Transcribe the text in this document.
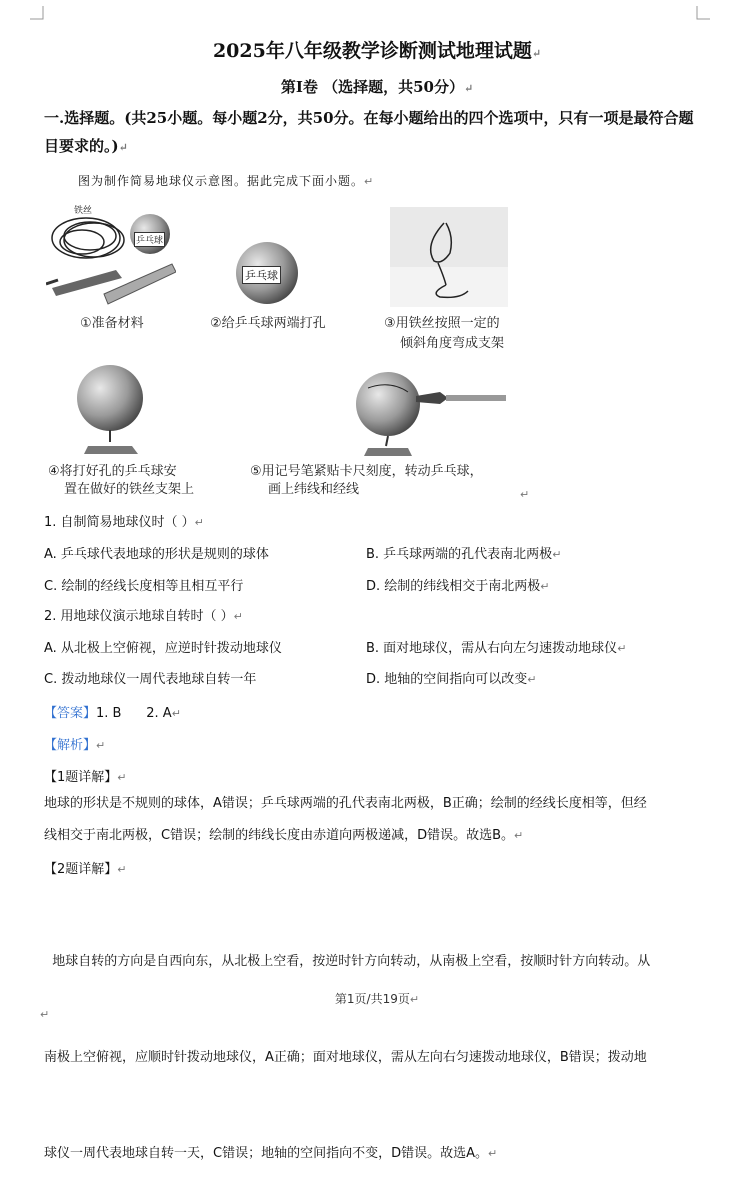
2025年八年级教学诊断测试地理试题↵
第Ⅰ卷 （选择题，共50分）↵
一.选择题。(共25小题。每小题2分，共50分。在每小题给出的四个选项中，只有一项是最符合题目要求的。)↵
图为制作简易地球仪示意图。据此完成下面小题。↵
铁丝
乒乓球
乒乓球
①准备材料	②给乒乓球两端打孔	③用铁丝按照一定的
倾斜角度弯成支架
④将打好孔的乒乓球安
置在做好的铁丝支架上
⑤用记号笔紧贴卡尺刻度，转动乒乓球，
画上纬线和经线	↵
1. 自制简易地球仪时（ ）↵
A. 乒乓球代表地球的形状是规则的球体	B. 乒乓球两端的孔代表南北两极↵
C. 绘制的经线长度相等且相互平行	D. 绘制的纬线相交于南北两极↵
2. 用地球仪演示地球自转时（ ）↵
A. 从北极上空俯视，应逆时针拨动地球仪	B. 面对地球仪，需从右向左匀速拨动地球仪↵
C. 拨动地球仪一周代表地球自转一年	D. 地轴的空间指向可以改变↵
【答案】1. B      2. A↵
【解析】↵
【1题详解】↵
地球的形状是不规则的球体，A错误；乒乓球两端的孔代表南北两极，B正确；绘制的经线长度相等，但经
线相交于南北两极，C错误；绘制的纬线长度由赤道向两极递减，D错误。故选B。↵
【2题详解】↵

地球自转的方向是自西向东，从北极上空看，按逆时针方向转动，从南极上空看，按顺时针方向转动。从

南极上空俯视，应顺时针拨动地球仪，A正确；面对地球仪，需从左向右匀速拨动地球仪，B错误；拨动地

球仪一周代表地球自转一天，C错误；地轴的空间指向不变，D错误。故选A。↵

第1页/共19页↵
↵
